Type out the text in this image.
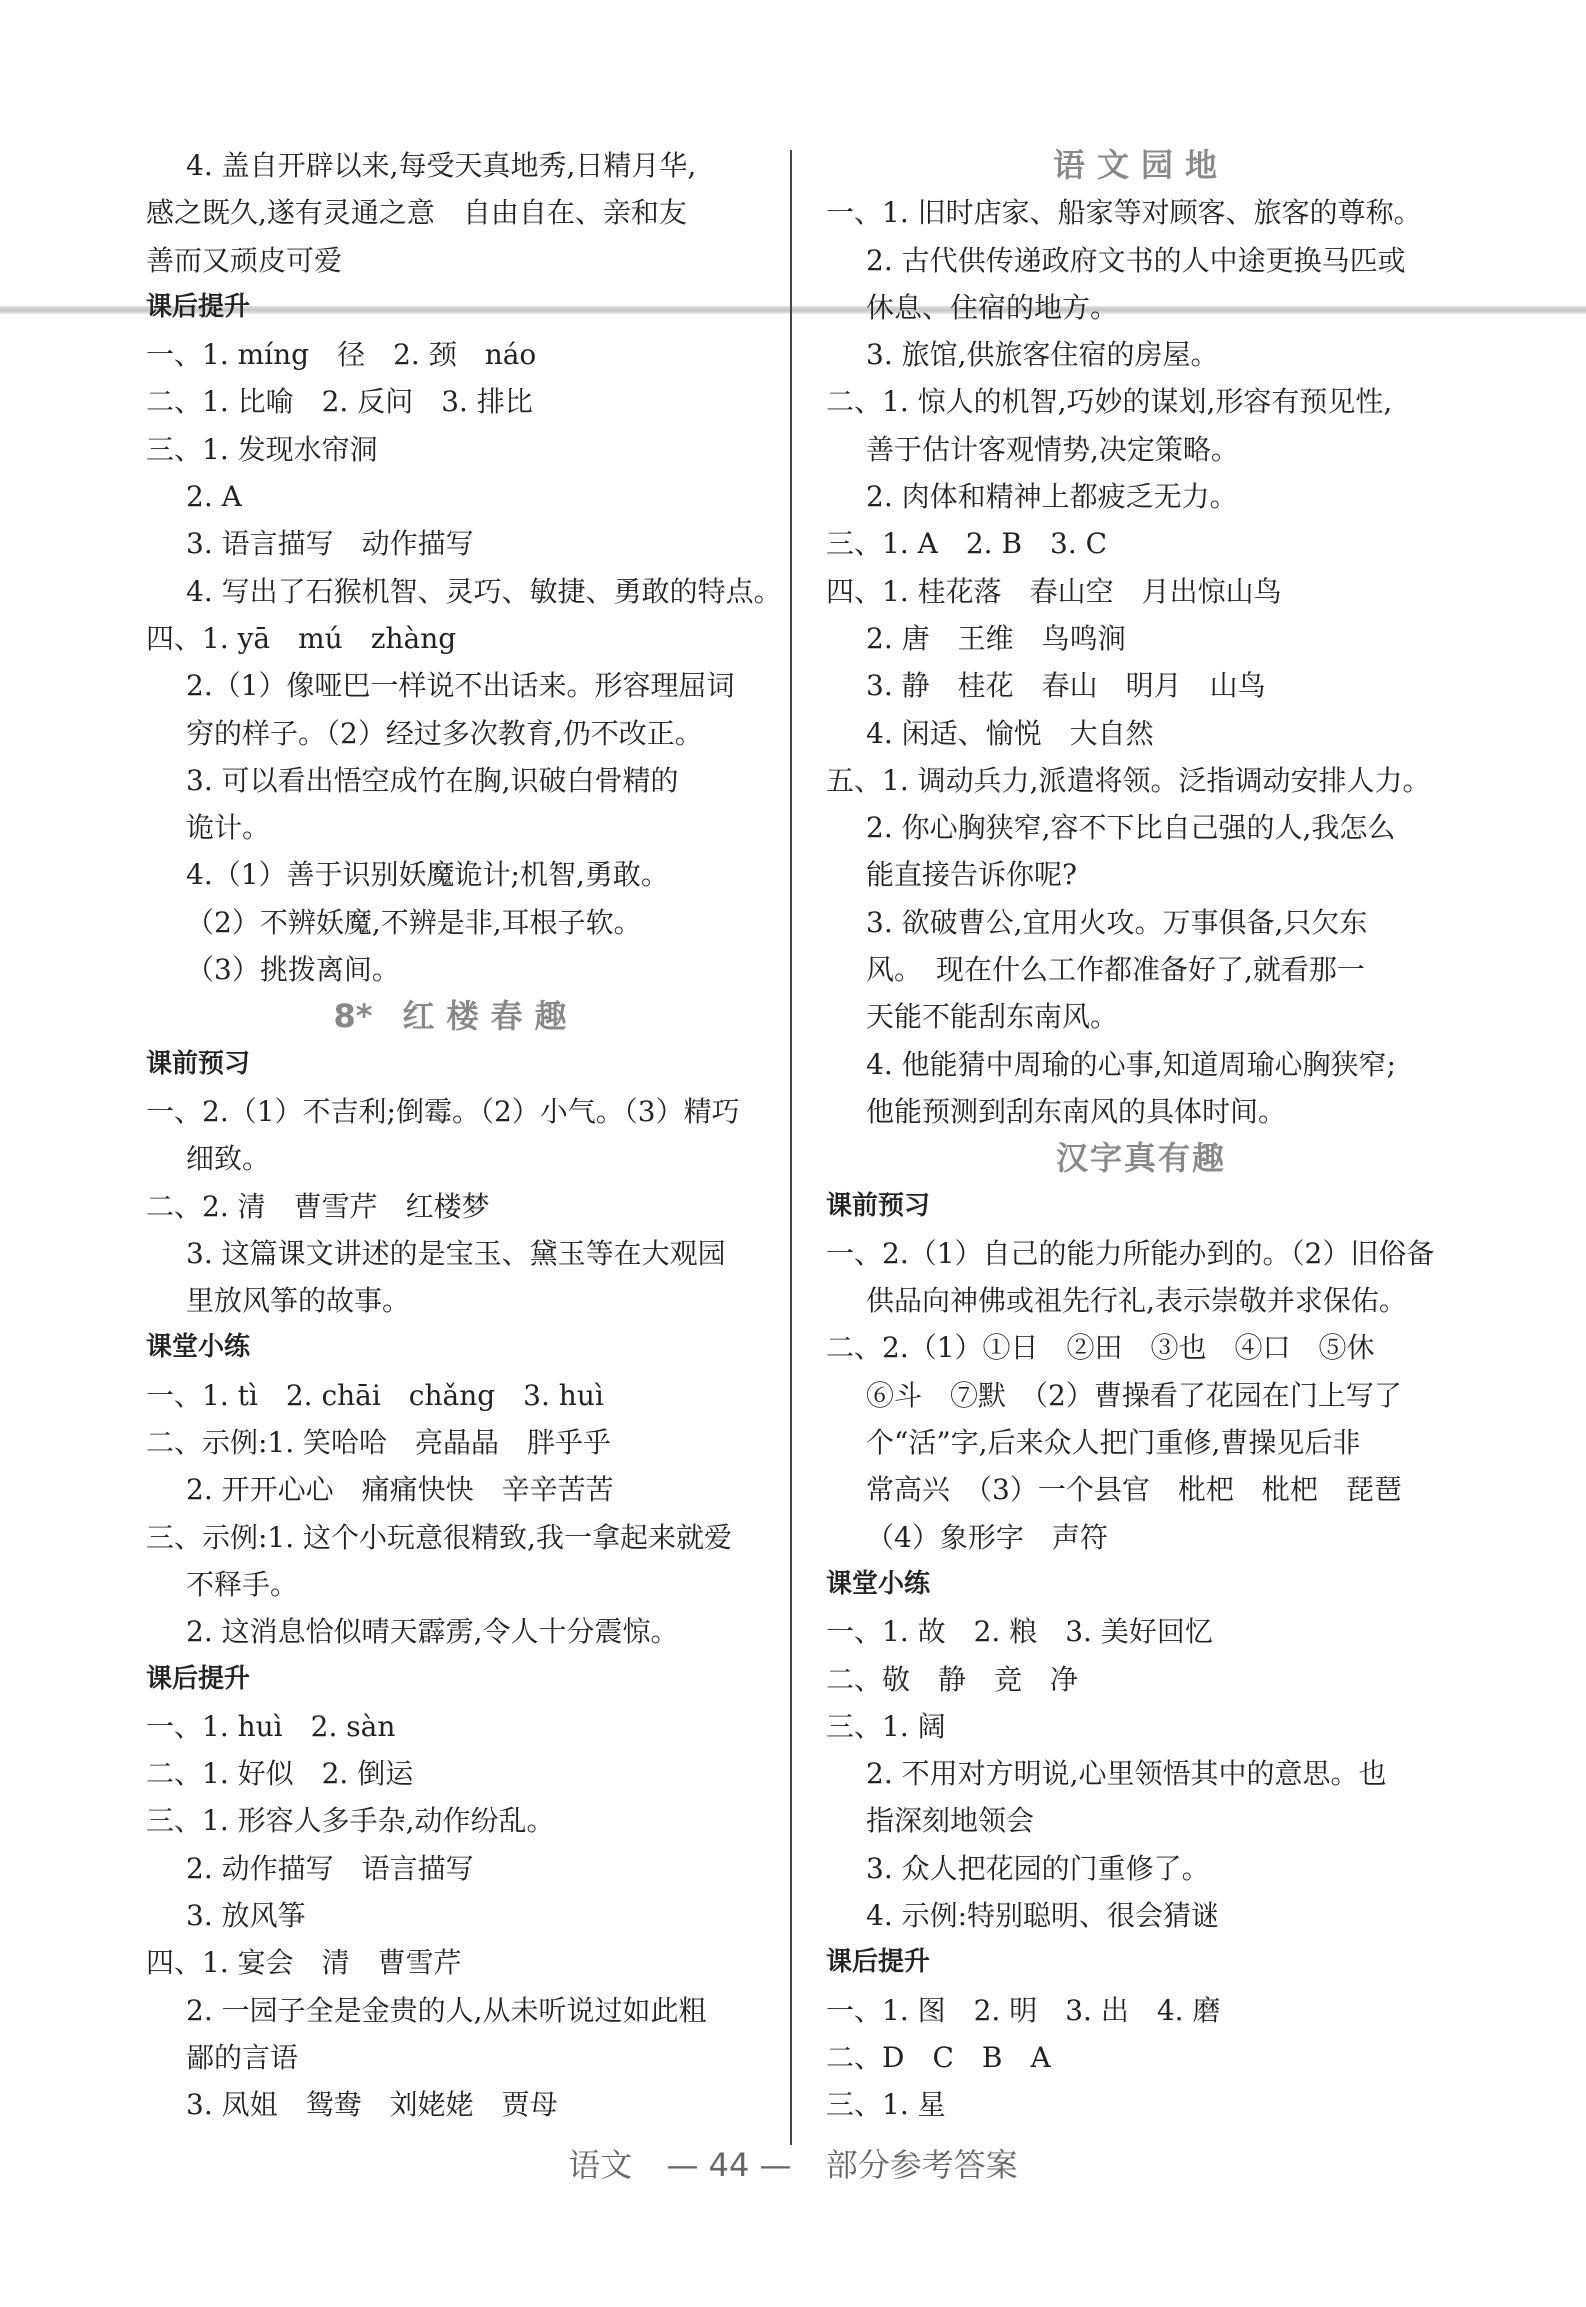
4. 盖自开辟以来,每受天真地秀,日精月华,
感之既久,遂有灵通之意　自由自在、亲和友
善而又顽皮可爱
课后提升
一、1. míng　径　2. 颈　náo
二、1. 比喻　2. 反问　3. 排比
三、1. 发现水帘洞
2. A
3. 语言描写　动作描写
4. 写出了石猴机智、灵巧、敏捷、勇敢的特点。
四、1. yā　mú　zhàng
2.（1）像哑巴一样说不出话来。形容理屈词
穷的样子。（2）经过多次教育,仍不改正。
3. 可以看出悟空成竹在胸,识破白骨精的
诡计。
4.（1）善于识别妖魔诡计;机智,勇敢。
（2）不辨妖魔,不辨是非,耳根子软。
（3）挑拨离间。
8* 红楼春趣
课前预习
一、2.（1）不吉利;倒霉。（2）小气。（3）精巧
细致。
二、2. 清　曹雪芹　红楼梦
3. 这篇课文讲述的是宝玉、黛玉等在大观园
里放风筝的故事。
课堂小练
一、1. tì　2. chāi　chǎng　3. huì
二、示例:1. 笑哈哈　亮晶晶　胖乎乎
2. 开开心心　痛痛快快　辛辛苦苦
三、示例:1. 这个小玩意很精致,我一拿起来就爱
不释手。
2. 这消息恰似晴天霹雳,令人十分震惊。
课后提升
一、1. huì　2. sàn
二、1. 好似　2. 倒运
三、1. 形容人多手杂,动作纷乱。
2. 动作描写　语言描写
3. 放风筝
四、1. 宴会　清　曹雪芹
2. 一园子全是金贵的人,从未听说过如此粗
鄙的言语
3. 凤姐　鸳鸯　刘姥姥　贾母
语文园地
一、1. 旧时店家、船家等对顾客、旅客的尊称。
2. 古代供传递政府文书的人中途更换马匹或
休息、住宿的地方。
3. 旅馆,供旅客住宿的房屋。
二、1. 惊人的机智,巧妙的谋划,形容有预见性,
善于估计客观情势,决定策略。
2. 肉体和精神上都疲乏无力。
三、1. A　2. B　3. C
四、1. 桂花落　春山空　月出惊山鸟
2. 唐　王维　鸟鸣涧
3. 静　桂花　春山　明月　山鸟
4. 闲适、愉悦　大自然
五、1. 调动兵力,派遣将领。泛指调动安排人力。
2. 你心胸狭窄,容不下比自己强的人,我怎么
能直接告诉你呢?
3. 欲破曹公,宜用火攻。万事俱备,只欠东
风。　现在什么工作都准备好了,就看那一
天能不能刮东南风。
4. 他能猜中周瑜的心事,知道周瑜心胸狭窄;
他能预测到刮东南风的具体时间。
汉字真有趣
课前预习
一、2.（1）自己的能力所能办到的。（2）旧俗备
供品向神佛或祖先行礼,表示崇敬并求保佑。
二、2.（1）①日　②田　③也　④口　⑤休
⑥斗　⑦默　（2）曹操看了花园在门上写了
个“活”字,后来众人把门重修,曹操见后非
常高兴　（3）一个县官　枇杷　枇杷　琵琶
（4）象形字　声符
课堂小练
一、1. 故　2. 粮　3. 美好回忆
二、敬　静　竞　净
三、1. 阔
2. 不用对方明说,心里领悟其中的意思。也
指深刻地领会
3. 众人把花园的门重修了。
4. 示例:特别聪明、很会猜谜
课后提升
一、1. 图　2. 明　3. 出　4. 磨
二、D　C　B　A
三、1. 星
语文 — 44 — 部分参考答案
